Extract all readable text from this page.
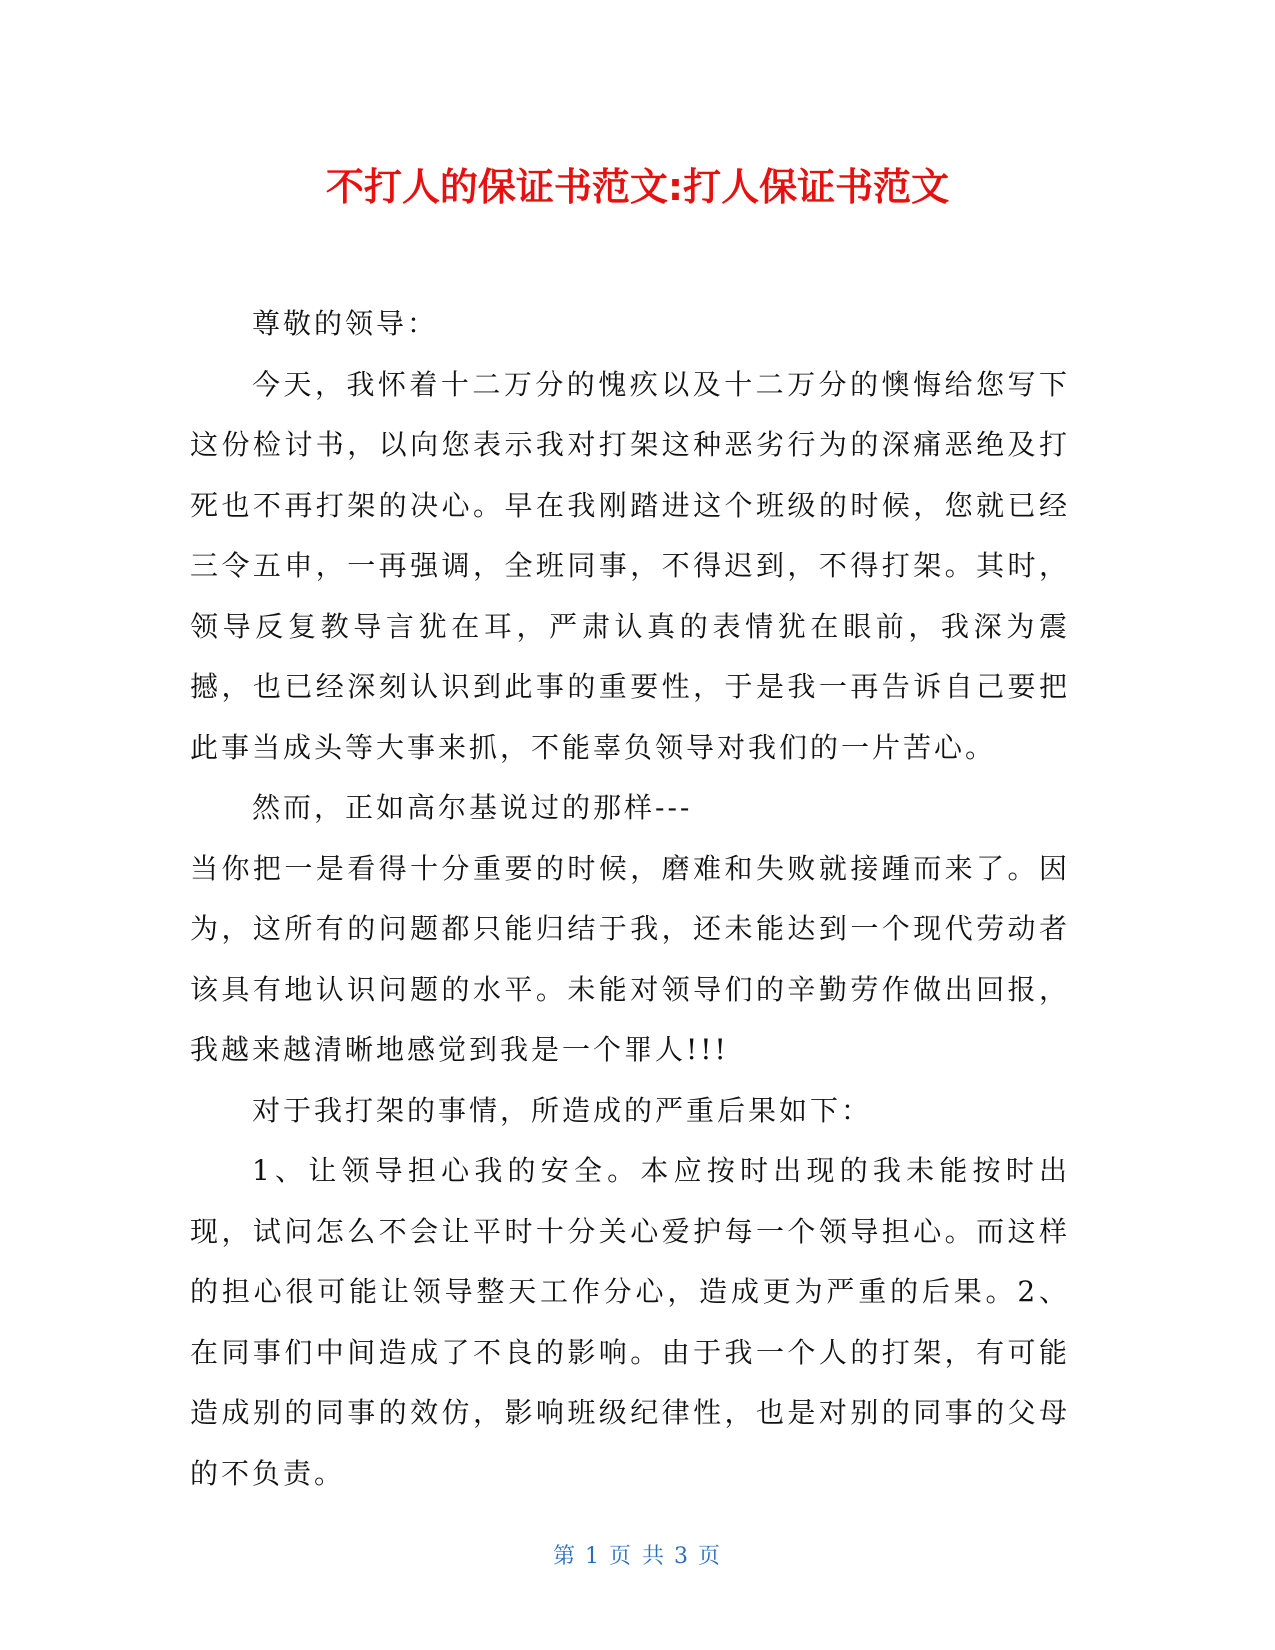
不打人的保证书范文:打人保证书范文

尊敬的领导：

今天，我怀着十二万分的愧疚以及十二万分的懊悔给您写下这份检讨书，以向您表示我对打架这种恶劣行为的深痛恶绝及打死也不再打架的决心。早在我刚踏进这个班级的时候，您就已经三令五申，一再强调，全班同事，不得迟到，不得打架。其时，领导反复教导言犹在耳，严肃认真的表情犹在眼前，我深为震撼，也已经深刻认识到此事的重要性，于是我一再告诉自己要把此事当成头等大事来抓，不能辜负领导对我们的一片苦心。

然而，正如高尔基说过的那样---

当你把一是看得十分重要的时候，磨难和失败就接踵而来了。因为，这所有的问题都只能归结于我，还未能达到一个现代劳动者该具有地认识问题的水平。未能对领导们的辛勤劳作做出回报，我越来越清晰地感觉到我是一个罪人!!!

对于我打架的事情，所造成的严重后果如下：

1、让领导担心我的安全。本应按时出现的我未能按时出现，试问怎么不会让平时十分关心爱护每一个领导担心。而这样的担心很可能让领导整天工作分心，造成更为严重的后果。2、在同事们中间造成了不良的影响。由于我一个人的打架，有可能造成别的同事的效仿，影响班级纪律性，也是对别的同事的父母的不负责。

第 1 页 共 3 页
